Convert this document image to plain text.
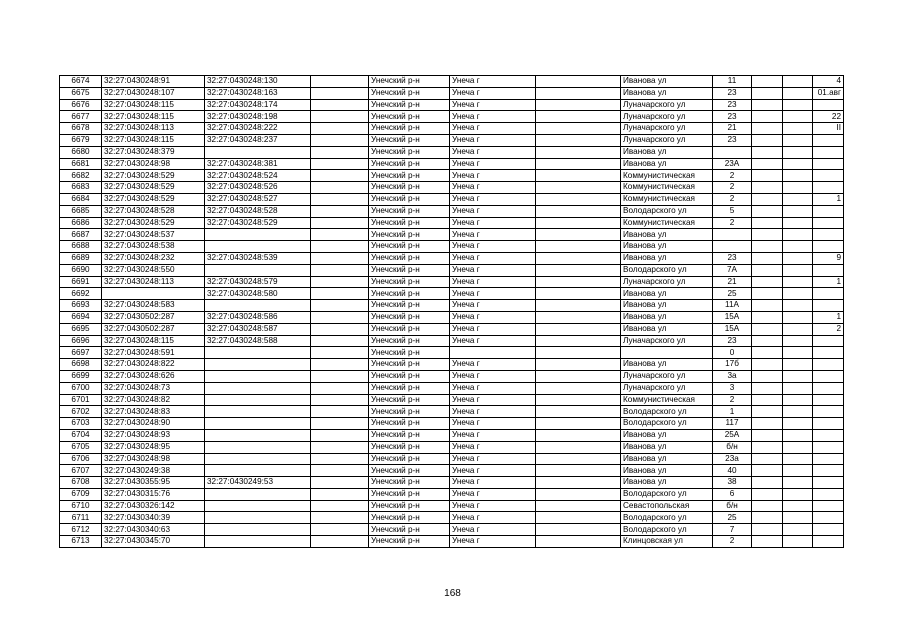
6674	32:27:0430248:91	32:27:0430248:130		Унечский р-н	Унеча г		Иванова ул	11			4
6675	32:27:0430248:107	32:27:0430248:163		Унечский р-н	Унеча г		Иванова ул	23			01.авг
6676	32:27:0430248:115	32:27:0430248:174		Унечский р-н	Унеча г		Луначарского ул	23			
6677	32:27:0430248:115	32:27:0430248:198		Унечский р-н	Унеча г		Луначарского ул	23			22
6678	32:27:0430248:113	32:27:0430248:222		Унечский р-н	Унеча г		Луначарского ул	21			II
6679	32:27:0430248:115	32:27:0430248:237		Унечский р-н	Унеча г		Луначарского ул	23			
6680	32:27:0430248:379			Унечский р-н	Унеча г		Иванова ул				
6681	32:27:0430248:98	32:27:0430248:381		Унечский р-н	Унеча г		Иванова ул	23А			
6682	32:27:0430248:529	32:27:0430248:524		Унечский р-н	Унеча г		Коммунистическая	2			
6683	32:27:0430248:529	32:27:0430248:526		Унечский р-н	Унеча г		Коммунистическая	2			
6684	32:27:0430248:529	32:27:0430248:527		Унечский р-н	Унеча г		Коммунистическая	2			1
6685	32:27:0430248:528	32:27:0430248:528		Унечский р-н	Унеча г		Володарского ул	5			
6686	32:27:0430248:529	32:27:0430248:529		Унечский р-н	Унеча г		Коммунистическая	2			
6687	32:27:0430248:537			Унечский р-н	Унеча г		Иванова ул				
6688	32:27:0430248:538			Унечский р-н	Унеча г		Иванова ул				
6689	32:27:0430248:232	32:27:0430248:539		Унечский р-н	Унеча г		Иванова ул	23			9
6690	32:27:0430248:550			Унечский р-н	Унеча г		Володарского ул	7А			
6691	32:27:0430248:113	32:27:0430248:579		Унечский р-н	Унеча г		Луначарского ул	21			1
6692		32:27:0430248:580		Унечский р-н	Унеча г		Иванова ул	25			
6693	32:27:0430248:583			Унечский р-н	Унеча г		Иванова ул	11А			
6694	32:27:0430502:287	32:27:0430248:586		Унечский р-н	Унеча г		Иванова ул	15А			1
6695	32:27:0430502:287	32:27:0430248:587		Унечский р-н	Унеча г		Иванова ул	15А			2
6696	32:27:0430248:115	32:27:0430248:588		Унечский р-н	Унеча г		Луначарского ул	23			
6697	32:27:0430248:591			Унечский р-н				0			
6698	32:27:0430248:822			Унечский р-н	Унеча г		Иванова ул	17б			
6699	32:27:0430248:626			Унечский р-н	Унеча г		Луначарского ул	3а			
6700	32:27:0430248:73			Унечский р-н	Унеча г		Луначарского ул	3			
6701	32:27:0430248:82			Унечский р-н	Унеча г		Коммунистическая	2			
6702	32:27:0430248:83			Унечский р-н	Унеча г		Володарского ул	1			
6703	32:27:0430248:90			Унечский р-н	Унеча г		Володарского ул	117			
6704	32:27:0430248:93			Унечский р-н	Унеча г		Иванова ул	25А			
6705	32:27:0430248:95			Унечский р-н	Унеча г		Иванова ул	б/н			
6706	32:27:0430248:98			Унечский р-н	Унеча г		Иванова ул	23а			
6707	32:27:0430249:38			Унечский р-н	Унеча г		Иванова ул	40			
6708	32:27:0430355:95	32:27:0430249:53		Унечский р-н	Унеча г		Иванова ул	38			
6709	32:27:0430315:76			Унечский р-н	Унеча г		Володарского ул	6			
6710	32:27:0430326:142			Унечский р-н	Унеча г		Севастопольская	б/н			
6711	32:27:0430340:39			Унечский р-н	Унеча г		Володарского ул	25			
6712	32:27:0430340:63			Унечский р-н	Унеча г		Володарского ул	7			
6713	32:27:0430345:70			Унечский р-н	Унеча г		Клинцовская ул	2			
168
